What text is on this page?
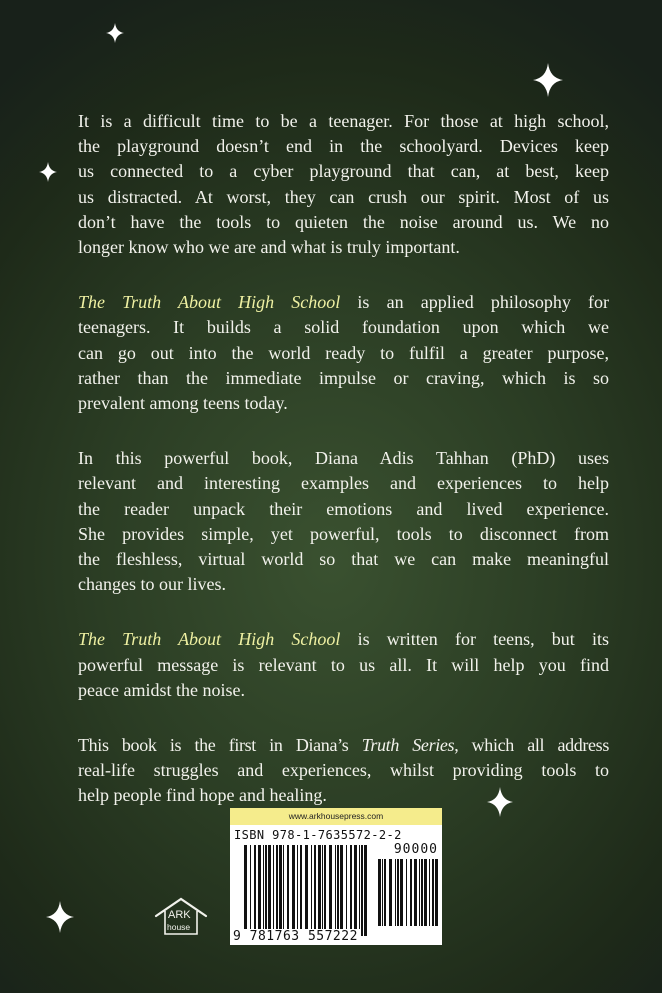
It is a difficult time to be a teenager. For those at high school,
the playground doesn’t end in the schoolyard. Devices keep
us connected to a cyber playground that can, at best, keep
us distracted. At worst, they can crush our spirit. Most of us
don’t have the tools to quieten the noise around us. We no
longer know who we are and what is truly important.

The Truth About High School is an applied philosophy for
teenagers. It builds a solid foundation upon which we
can go out into the world ready to fulfil a greater purpose,
rather than the immediate impulse or craving, which is so
prevalent among teens today.

In this powerful book, Diana Adis Tahhan (PhD) uses
relevant and interesting examples and experiences to help
the reader unpack their emotions and lived experience.
She provides simple, yet powerful, tools to disconnect from
the fleshless, virtual world so that we can make meaningful
changes to our lives.

The Truth About High School is written for teens, but its
powerful message is relevant to us all. It will help you find
peace amidst the noise.

This book is the first in Diana’s Truth Series, which all address
real-life struggles and experiences, whilst providing tools to
help people find hope and healing.

ARK
house
www.arkhousepress.com
ISBN 978-1-7635572-2-2
90000
9 781763 557222
